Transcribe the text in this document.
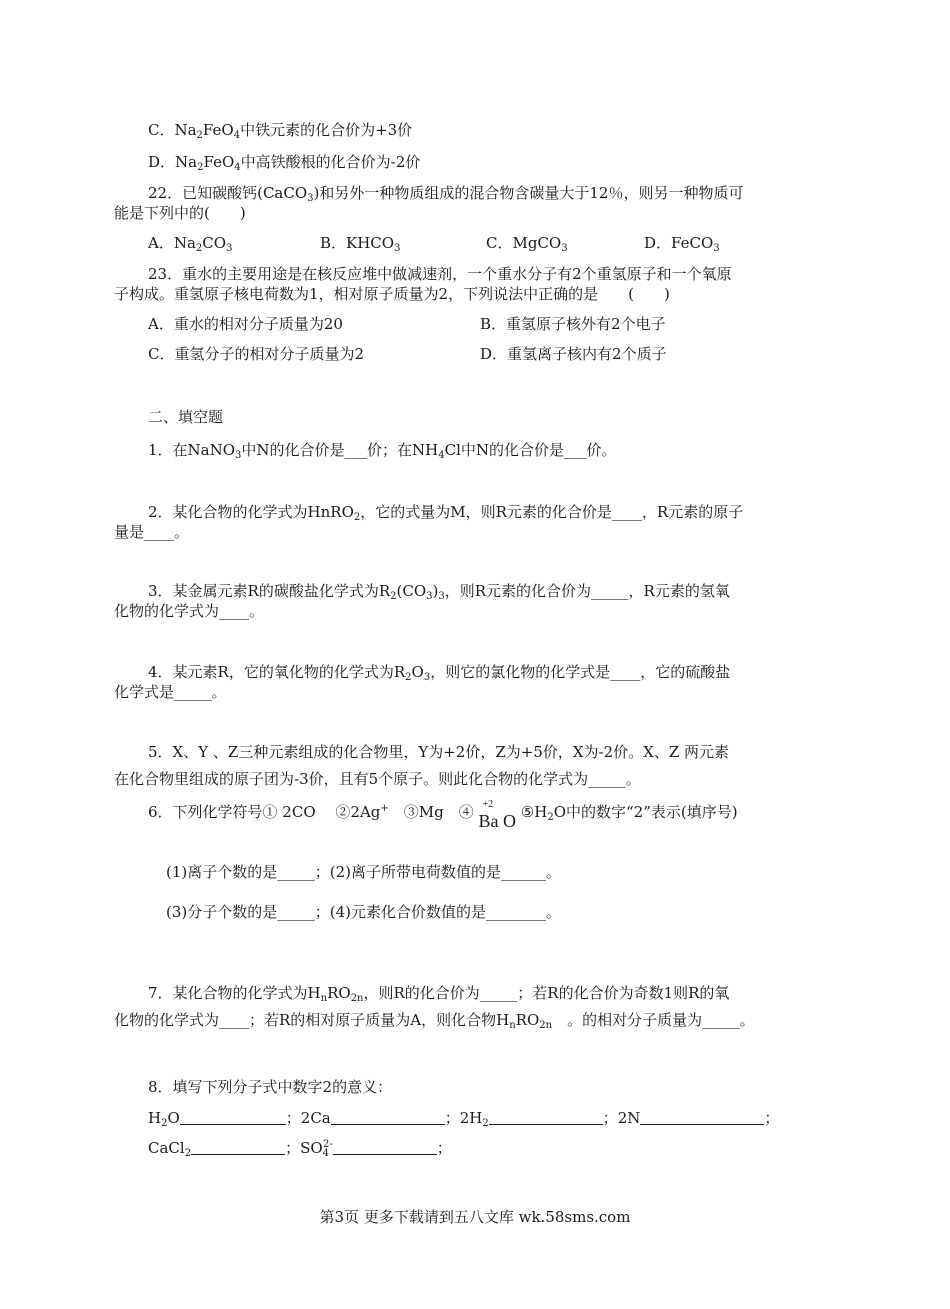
C．$Na_2FeO_4$中铁元素的化合价为+3价
D．$Na_2FeO_4$中高铁酸根的化合价为-2价
22．已知碳酸钙(CaCO$_3$)和另外一种物质组成的混合物含碳量大于12％，则另一种物质可
能是下列中的(　　)
A．$Na_2CO_3$	B．$KHCO_3$	C．MgCO$_3$	D．FeCO$_3$
23．重水的主要用途是在核反应堆中做减速剂，一个重水分子有2个重氢原子和一个氧原
子构成。重氢原子核电荷数为1，相对原子质量为2，下列说法中正确的是　　(　　)
A．重水的相对分子质量为20	B．重氢原子核外有2个电子
C．重氢分子的相对分子质量为2	D．重氢离子核内有2个质子
二、填空题
1．在NaNO$_3$中N的化合价是___价；在$NH_4Cl$中N的化合价是___价。
2．某化合物的化学式为HnRO$_2$，它的式量为M，则R元素的化合价是____，R元素的原子
量是____。
3．某金属元素R的碳酸盐化学式为$R_2(CO_3)_3$，则R元素的化合价为_____，R元素的氢氧
化物的化学式为____。
4．某元素R，它的氧化物的化学式为$R_2O_3$，则它的氯化物的化学式是____，它的硫酸盐
化学式是_____。
5．X、Y 、Z三种元素组成的化合物里，Y为+2价，Z为+5价，X为-2价。X、Z 两元素
在化合物里组成的原子团为-3价，且有5个原子。则此化合物的化学式为_____。
6．下列化学符号① 2CO　 ②2Ag+　③Mg　④ +2
Ba O $⑤H_2O$中的数字“2”表示(填序号)
(1)离子个数的是_____；(2)离子所带电荷数值的是______。
(3)分子个数的是_____；(4)元素化合价数值的是________。
7．某化合物的化学式为$H_nRO_{2n}$，则R的化合价为_____；若R的化合价为奇数1则R的氧
化物的化学式为____；若R的相对原子质量为A，则化合物$H_nRO_{2n}$　。的相对分子质量为_____。
8．填写下列分子式中数字2的意义：
$H_2O$	；2Ca	；$2H_2$	；2N	；
CaCl$_2$	；$SO_4^{2-}$	；
第3页 更多下载请到五八文库 wk.58sms.com
